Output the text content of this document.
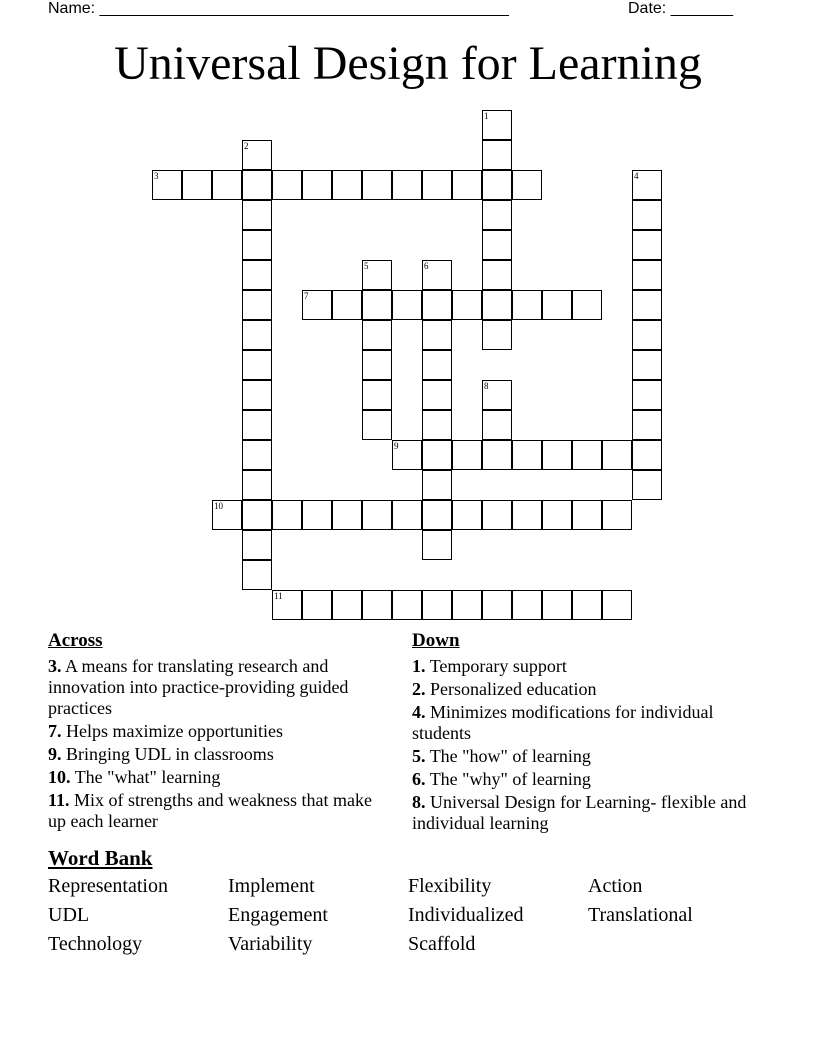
Name: ______________________________________________	Date: _______
Universal Design for Learning
1
2
3	4
5	6
7
8
9
10
11
Across
3. A means for translating research and innovation into practice-providing guided practices
7. Helps maximize opportunities
9. Bringing UDL in classrooms
10. The "what" learning
11. Mix of strengths and weakness that make up each learner
Down
1. Temporary support
2. Personalized education
4. Minimizes modifications for individual students
5. The "how" of learning
6. The "why" of learning
8. Universal Design for Learning- flexible and individual learning
Word Bank
Representation	Implement	Flexibility	Action
UDL	Engagement	Individualized	Translational
Technology	Variability	Scaffold
